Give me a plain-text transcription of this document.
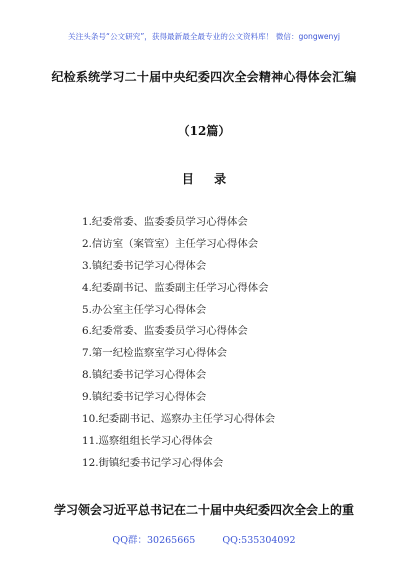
关注头条号“公文研究”，获得最新最全最专业的公文资料库！ 微信：gongwenyj
纪检系统学习二十届中央纪委四次全会精神心得体会汇编
（12篇）
目 录
1.纪委常委、监委委员学习心得体会
2.信访室（案管室）主任学习心得体会
3.镇纪委书记学习心得体会
4.纪委副书记、监委副主任学习心得体会
5.办公室主任学习心得体会
6.纪委常委、监委委员学习心得体会
7.第一纪检监察室学习心得体会
8.镇纪委书记学习心得体会
9.镇纪委书记学习心得体会
10.纪委副书记、巡察办主任学习心得体会
11.巡察组组长学习心得体会
12.街镇纪委书记学习心得体会
学习领会习近平总书记在二十届中央纪委四次全会上的重
QQ群：30265665	QQ:535304092
